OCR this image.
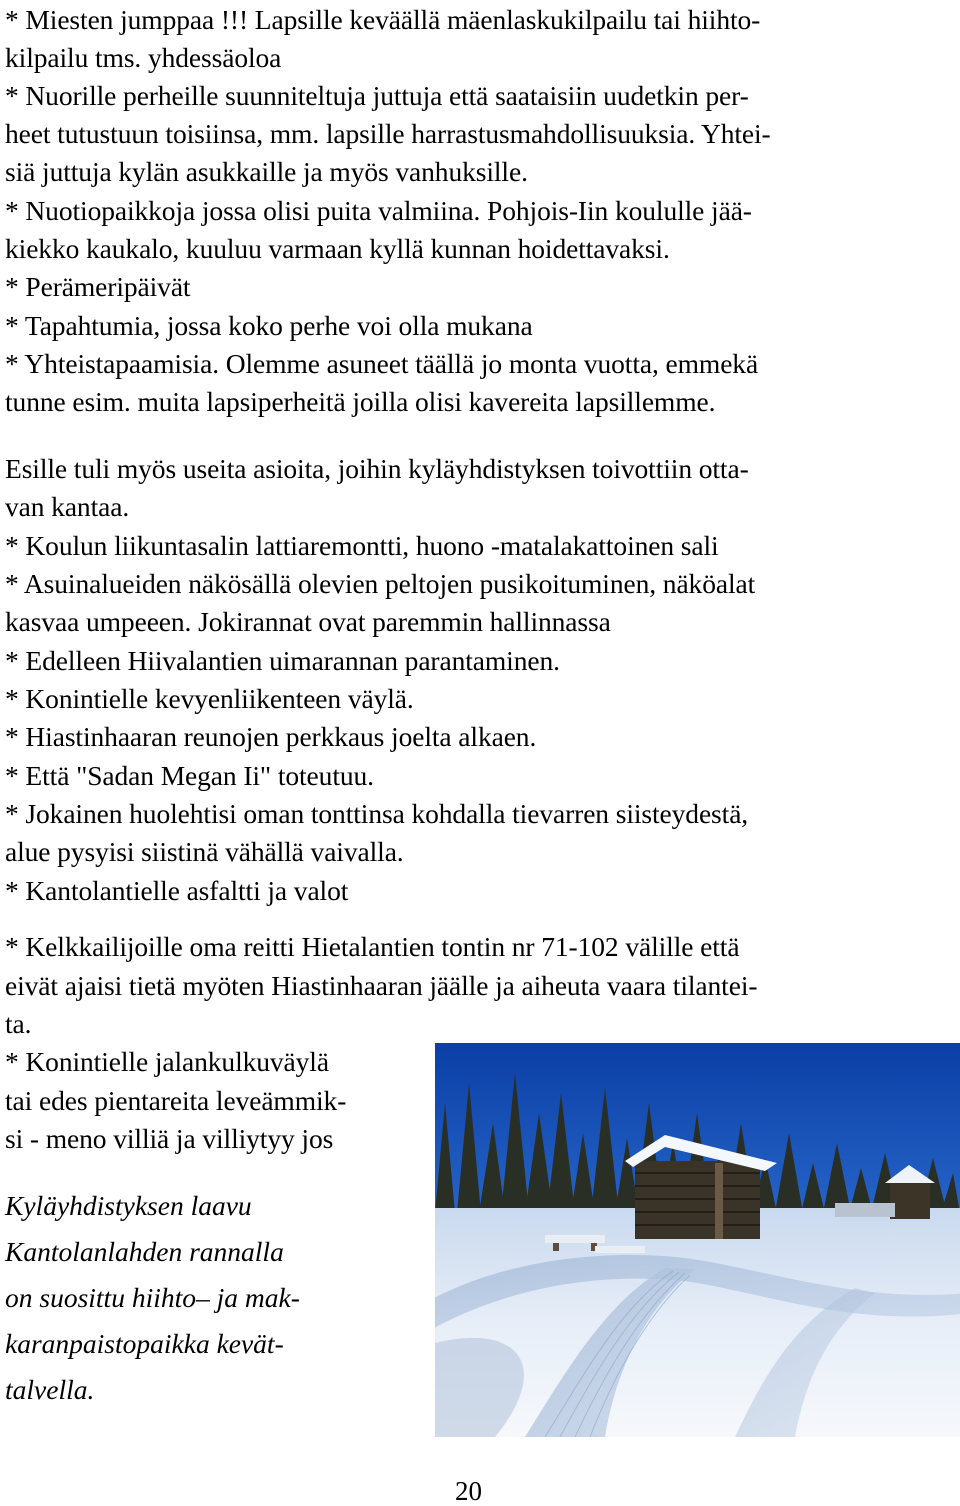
* Miesten jumppaa !!! Lapsille keväällä mäenlaskukilpailu tai hiihto-
kilpailu tms. yhdessäoloa
* Nuorille perheille suunniteltuja juttuja että saataisiin uudetkin per-
heet tutustuun toisiinsa, mm. lapsille harrastusmahdollisuuksia. Yhtei-
siä juttuja kylän asukkaille ja myös vanhuksille.
* Nuotiopaikkoja jossa olisi puita valmiina. Pohjois-Iin koululle jää-
kiekko kaukalo, kuuluu varmaan kyllä kunnan hoidettavaksi.
* Perämeripäivät
* Tapahtumia, jossa koko perhe voi olla mukana
* Yhteistapaamisia. Olemme asuneet täällä jo monta vuotta, emmekä
tunne esim. muita lapsiperheitä joilla olisi kavereita lapsillemme.
Esille tuli myös useita asioita, joihin kyläyhdistyksen toivottiin otta-
van kantaa.
* Koulun liikuntasalin lattiaremontti, huono -matalakattoinen sali
* Asuinalueiden näkösällä olevien peltojen pusikoituminen, näköalat
kasvaa umpeeen. Jokirannat ovat paremmin hallinnassa
* Edelleen Hiivalantien uimarannan parantaminen.
* Konintielle kevyenliikenteen väylä.
* Hiastinhaaran reunojen perkkaus joelta alkaen.
* Että "Sadan Megan Ii" toteutuu.
* Jokainen huolehtisi oman tonttinsa kohdalla tievarren siisteydestä,
alue pysyisi siistinä vähällä vaivalla.
* Kantolantielle asfaltti ja valot
* Kelkkailijoille oma reitti Hietalantien tontin nr 71-102 välille että
eivät ajaisi tietä myöten Hiastinhaaran jäälle ja aiheuta vaara tilantei-
ta.
* Konintielle jalankulkuväylä
tai edes pientareita leveämmik-
si - meno villiä ja villiytyy jos
Kyläyhdistyksen laavu
Kantolanlahden rannalla
on suosittu hiihto– ja mak-
karanpaistopaikka kevät-
talvella.
20
